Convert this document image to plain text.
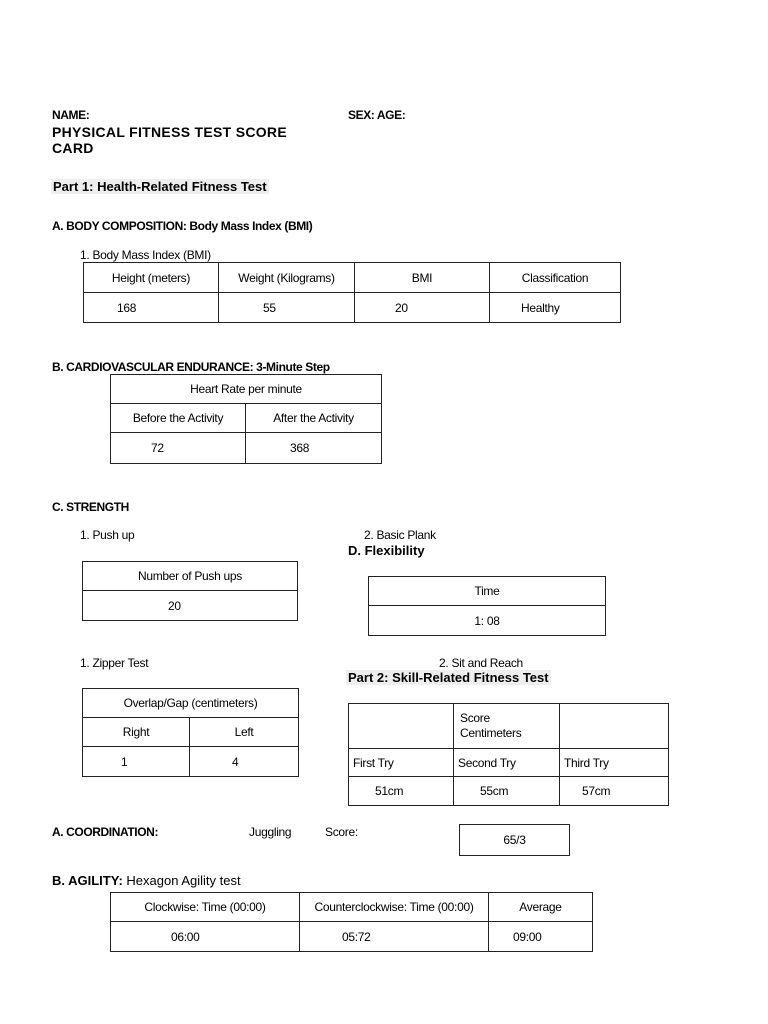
NAME:	SEX: AGE:
PHYSICAL FITNESS TEST SCORE
CARD
Part 1: Health-Related Fitness Test
A. BODY COMPOSITION: Body Mass Index (BMI)
1. Body Mass Index (BMI)
Height (meters)	Weight (Kilograms)	BMI	Classification
168	55	20	Healthy
B. CARDIOVASCULAR ENDURANCE: 3-Minute Step
Heart Rate per minute	
Before the Activity	After the Activity
72	368
C. STRENGTH
1. Push up	2. Basic Plank
D. Flexibility
Number of Push ups
20
Time
1: 08
1. Zipper Test	2. Sit and Reach
Part 2: Skill-Related Fitness Test
Overlap/Gap (centimeters)	
Right	Left
1	4
	Score
Centimeters	
First Try	Second Try	Third Try
51cm	55cm	57cm
A. COORDINATION:	Juggling	Score:
65/3
B. AGILITY: Hexagon Agility test
Clockwise: Time (00:00)	Counterclockwise: Time (00:00)	Average
06:00	05:72	09:00
